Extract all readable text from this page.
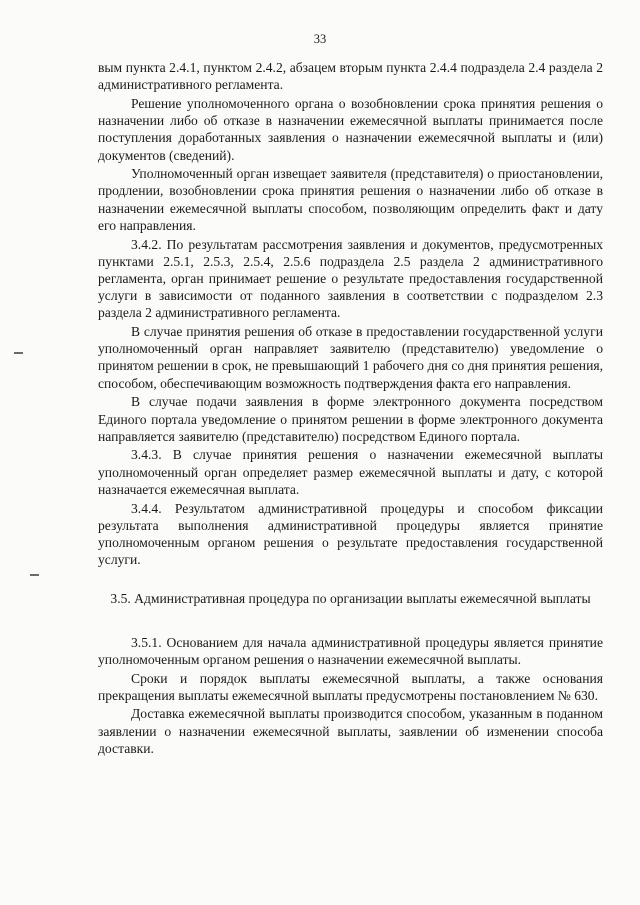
33

вым пункта 2.4.1, пунктом 2.4.2, абзацем вторым пункта 2.4.4 подраздела 2.4 раздела 2 административного регламента.

Решение уполномоченного органа о возобновлении срока принятия решения о назначении либо об отказе в назначении ежемесячной выплаты принимается после поступления доработанных заявления о назначении ежемесячной выплаты и (или) документов (сведений).

Уполномоченный орган извещает заявителя (представителя) о приостановлении, продлении, возобновлении срока принятия решения о назначении либо об отказе в назначении ежемесячной выплаты способом, позволяющим определить факт и дату его направления.

3.4.2. По результатам рассмотрения заявления и документов, предусмотренных пунктами 2.5.1, 2.5.3, 2.5.4, 2.5.6 подраздела 2.5 раздела 2 административного регламента, орган принимает решение о результате предоставления государственной услуги в зависимости от поданного заявления в соответствии с подразделом 2.3 раздела 2 административного регламента.

В случае принятия решения об отказе в предоставлении государственной услуги уполномоченный орган направляет заявителю (представителю) уведомление о принятом решении в срок, не превышающий 1 рабочего дня со дня принятия решения, способом, обеспечивающим возможность подтверждения факта его направления.

В случае подачи заявления в форме электронного документа посредством Единого портала уведомление о принятом решении в форме электронного документа направляется заявителю (представителю) посредством Единого портала.

3.4.3. В случае принятия решения о назначении ежемесячной выплаты уполномоченный орган определяет размер ежемесячной выплаты и дату, с которой назначается ежемесячная выплата.

3.4.4. Результатом административной процедуры и способом фиксации результата выполнения административной процедуры является принятие уполномоченным органом решения о результате предоставления государственной услуги.

3.5. Административная процедура по организации выплаты ежемесячной выплаты

3.5.1. Основанием для начала административной процедуры является принятие уполномоченным органом решения о назначении ежемесячной выплаты.

Сроки и порядок выплаты ежемесячной выплаты, а также основания прекращения выплаты ежемесячной выплаты предусмотрены постановлением № 630.

Доставка ежемесячной выплаты производится способом, указанным в поданном заявлении о назначении ежемесячной выплаты, заявлении об изменении способа доставки.
